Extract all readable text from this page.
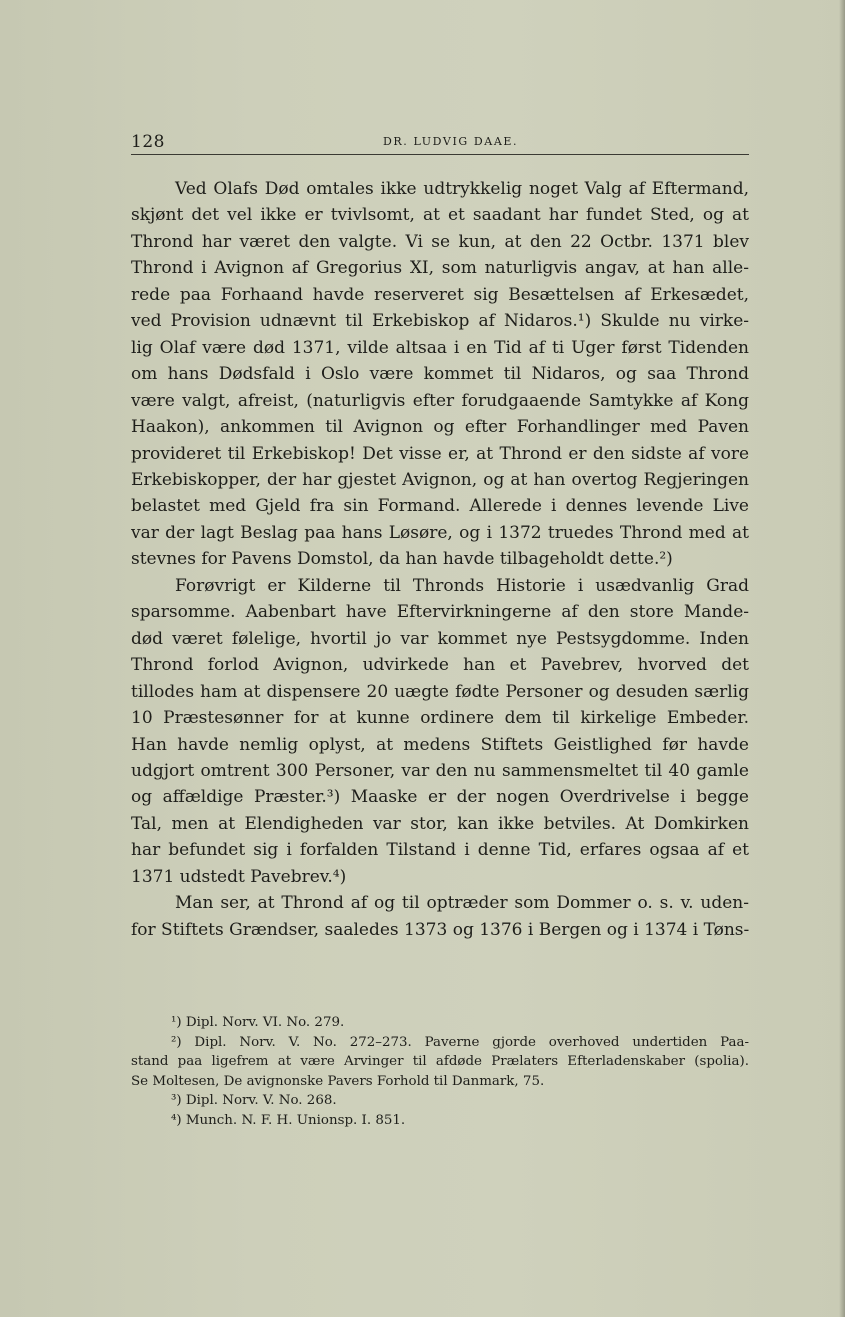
128	DR. LUDVIG DAAE.
Ved Olafs Død omtales ikke udtrykkelig noget Valg af Eftermand,
skjønt det vel ikke er tvivlsomt, at et saadant har fundet Sted, og at
Thrond har været den valgte. Vi se kun, at den 22 Octbr. 1371 blev
Thrond i Avignon af Gregorius XI, som naturligvis angav, at han alle-
rede paa Forhaand havde reserveret sig Besættelsen af Erkesædet,
ved Provision udnævnt til Erkebiskop af Nidaros.¹) Skulde nu virke-
lig Olaf være død 1371, vilde altsaa i en Tid af ti Uger først Tidenden
om hans Dødsfald i Oslo være kommet til Nidaros, og saa Thrond
være valgt, afreist, (naturligvis efter forudgaaende Samtykke af Kong
Haakon), ankommen til Avignon og efter Forhandlinger med Paven
provideret til Erkebiskop! Det visse er, at Thrond er den sidste af vore
Erkebiskopper, der har gjestet Avignon, og at han overtog Regjeringen
belastet med Gjeld fra sin Formand. Allerede i dennes levende Live
var der lagt Beslag paa hans Løsøre, og i 1372 truedes Thrond med at
stevnes for Pavens Domstol, da han havde tilbageholdt dette.²)
Forøvrigt er Kilderne til Thronds Historie i usædvanlig Grad
sparsomme. Aabenbart have Eftervirkningerne af den store Mande-
død været følelige, hvortil jo var kommet nye Pestsygdomme. Inden
Thrond forlod Avignon, udvirkede han et Pavebrev, hvorved det
tillodes ham at dispensere 20 uægte fødte Personer og desuden særlig
10 Præstesønner for at kunne ordinere dem til kirkelige Embeder.
Han havde nemlig oplyst, at medens Stiftets Geistlighed før havde
udgjort omtrent 300 Personer, var den nu sammensmeltet til 40 gamle
og affældige Præster.³) Maaske er der nogen Overdrivelse i begge
Tal, men at Elendigheden var stor, kan ikke betviles. At Domkirken
har befundet sig i forfalden Tilstand i denne Tid, erfares ogsaa af et
1371 udstedt Pavebrev.⁴)
Man ser, at Thrond af og til optræder som Dommer o. s. v. uden-
for Stiftets Grændser, saaledes 1373 og 1376 i Bergen og i 1374 i Tøns-
¹) Dipl. Norv. VI. No. 279.
²) Dipl. Norv. V. No. 272–273. Paverne gjorde overhoved undertiden Paa-
stand paa ligefrem at være Arvinger til afdøde Prælaters Efterladenskaber (spolia).
Se Moltesen, De avignonske Pavers Forhold til Danmark, 75.
³) Dipl. Norv. V. No. 268.
⁴) Munch. N. F. H. Unionsp. I. 851.
